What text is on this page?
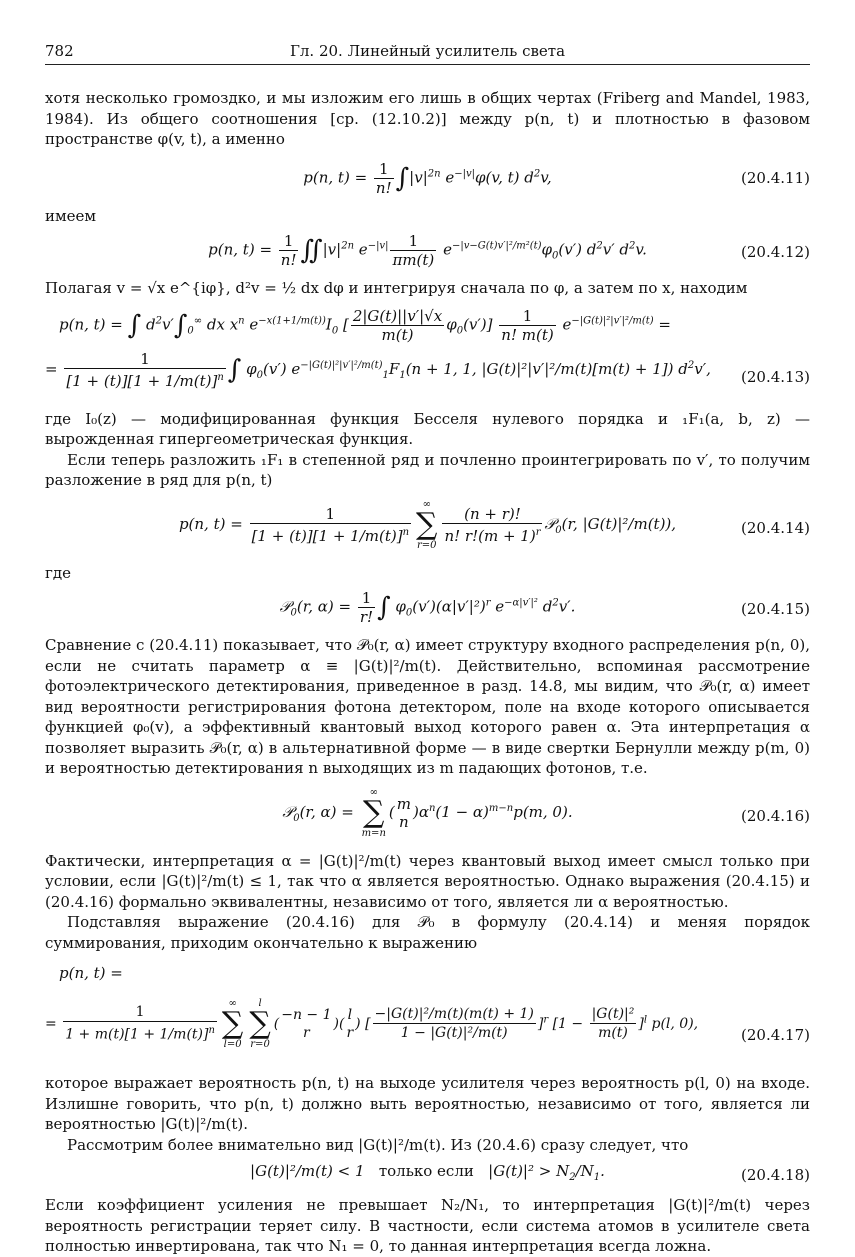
782	Гл. 20. Линейный усилитель света

хотя несколько громоздко, и мы изложим его лишь в общих чертах (Friberg and Mandel, 1983, 1984). Из общего соотношения [ср. (12.10.2)] между p(n, t) и плотностью в фазовом пространстве φ(v, t), а именно

p(n, $t) = \frac{1}{n!} \int|v|^{2n}$ $e^{-|v|}\varphi(v$, t) $d^2v$,	(20.4.11)

имеем

p(n, $t) = \frac{1}{n!}$ $∬|v|^{2n}$ $e^{-|v|} \frac{1}{\pi m(t)} e^{-|v-G(t)v'|^2/m^2(t)}\varphi_0(v')$ $d^2v'$ $d^2v$.	(20.4.12)

Полагая v = √x e^{iφ}, d²v = ½ dx dφ и интегрируя сначала по φ, а затем по x, находим

p(n, t) = ∫ $d^2v'\int_0^\infty$ dx $x^n$ $e^{-x(1+1/m(t))}I_0$ [ $\frac{2|G(t)||v'|√x}{m(t)} \varphi_0(v')] \frac{1}{n! m(t)} e^{-|G(t)|^2|v'|^2/m(t)}$ =
= $\frac{1}{[1 + (t)][1 + 1/m(t)]^n}$ ∫ $\varphi_0(v') e^{-|G(t)|^2|v'|^2/m(t)}_1F_1(n + 1$, 1, |G(t)|²|v′|²/m(t)[m(t) + 1]) $d^2v'$,	(20.4.13)

где I₀(z) — модифицированная функция Бесселя нулевого порядка и ₁F₁(a, b, z) — вырожденная гипергеометрическая функция.

Если теперь разложить ₁F₁ в степенной ряд и почленно проинтегрировать по v′, то получим разложение в ряд для p(n, t)

p(n, $t) = \frac{1}{[1 + (t)][1 + 1/m(t)]^n}$
∞
∑
r=0
$\frac{(n + r)!}{n! r!(m + 1)^r}$ 𝒫$_0$(r, |G(t)|²/m(t)),	(20.4.14)

где

𝒫$_0$(r, $\alpha) = \frac{1}{r!}$ ∫ $\varphi_0(v')(\alpha|v'|^2)^r$ $e^{-\alpha|v'|^2}$ $d^2v'$.	(20.4.15)

Сравнение с (20.4.11) показывает, что 𝒫₀(r, α) имеет структуру входного распределения p(n, 0), если не считать параметр α ≡ |G(t)|²/m(t). Действительно, вспоминая рассмотрение фотоэлектрического детектирования, приведенное в разд. 14.8, мы видим, что 𝒫₀(r, α) имеет вид вероятности регистрирования фотона детектором, поле на входе которого описывается функцией φ₀(v), а эффективный квантовый выход которого равен α. Эта интерпретация α позволяет выразить 𝒫₀(r, α) в альтернативной форме — в виде свертки Бернулли между p(m, 0) и вероятностью детектирования n выходящих из m падающих фотонов, т.е.

𝒫$_0$(r, α) =
∞
∑
m=n
( m
n
)$\alpha^n(1 - \alpha)^{m-n}p(m$, 0).	(20.4.16)

Фактически, интерпретация α = |G(t)|²/m(t) через квантовый выход имеет смысл только при условии, если |G(t)|²/m(t) ≤ 1, так что α является вероятностью. Однако выражения (20.4.15) и (20.4.16) формально эквивалентны, независимо от того, является ли α вероятностью.

Подставляя выражение (20.4.16) для 𝒫₀ в формулу (20.4.14) и меняя порядок суммирования, приходим окончательно к выражению

p(n, t) =
= $\frac{1}{1 + m(t)[1 + 1/m(t)]^n}$
∞
∑
l=0
l
∑
r=0
(
−n − 1
r
)(
l
r
) [ $\frac{\text{−|G(t)|²/m(t)(m(t) + 1)}}{\text{1 − |G(t)|²/m(t)}} ]^r$ $[1 - \frac{\text{|G(t)|²}}{m(t)} ]^l$ p(l, 0),
(20.4.17)

которое выражает вероятность p(n, t) на выходе усилителя через вероятность p(l, 0) на входе. Излишне говорить, что p(n, t) должно выть вероятностью, независимо от того, является ли вероятностью |G(t)|²/m(t).

Рассмотрим более внимательно вид |G(t)|²/m(t). Из (20.4.6) сразу следует, что

|G(t)|²/m(t) < 1   только если   $|G(t)|^2 > N_2/N_1$.	(20.4.18)

Если коэффициент усиления не превышает N₂/N₁, то интерпретация |G(t)|²/m(t) через вероятность регистрации теряет силу. В частности, если система атомов в усилителе света полностью инвертирована, так что N₁ = 0, то данная интерпретация всегда ложна.
